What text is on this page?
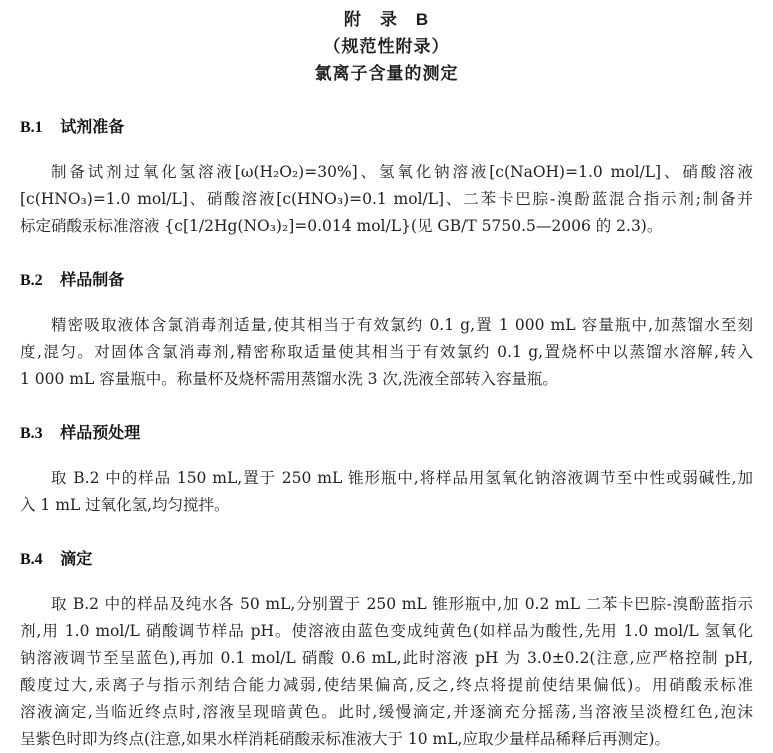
附　录　B
（规范性附录）
氯离子含量的测定
B.1 试剂准备
制备试剂过氧化氢溶液[ω(H₂O₂)=30%]、氢氧化钠溶液[c(NaOH)=1.0 mol/L]、硝酸溶液
[c(HNO₃)=1.0 mol/L]、硝酸溶液[c(HNO₃)=0.1 mol/L]、二苯卡巴腙-溴酚蓝混合指示剂;制备并
标定硝酸汞标准溶液 {c[1/2Hg(NO₃)₂]=0.014 mol/L}(见 GB/T 5750.5—2006 的 2.3)。
B.2 样品制备
精密吸取液体含氯消毒剂适量,使其相当于有效氯约 0.1 g,置 1 000 mL 容量瓶中,加蒸馏水至刻
度,混匀。对固体含氯消毒剂,精密称取适量使其相当于有效氯约 0.1 g,置烧杯中以蒸馏水溶解,转入
1 000 mL 容量瓶中。称量杯及烧杯需用蒸馏水洗 3 次,洗液全部转入容量瓶。
B.3 样品预处理
取 B.2 中的样品 150 mL,置于 250 mL 锥形瓶中,将样品用氢氧化钠溶液调节至中性或弱碱性,加
入 1 mL 过氧化氢,均匀搅拌。
B.4 滴定
取 B.2 中的样品及纯水各 50 mL,分别置于 250 mL 锥形瓶中,加 0.2 mL 二苯卡巴腙-溴酚蓝指示
剂,用 1.0 mol/L 硝酸调节样品 pH。使溶液由蓝色变成纯黄色(如样品为酸性,先用 1.0 mol/L 氢氧化
钠溶液调节至呈蓝色),再加 0.1 mol/L 硝酸 0.6 mL,此时溶液 pH 为 3.0±0.2(注意,应严格控制 pH,
酸度过大,汞离子与指示剂结合能力减弱,使结果偏高,反之,终点将提前使结果偏低)。用硝酸汞标准
溶液滴定,当临近终点时,溶液呈现暗黄色。此时,缓慢滴定,并逐滴充分摇荡,当溶液呈淡橙红色,泡沫
呈紫色时即为终点(注意,如果水样消耗硝酸汞标准液大于 10 mL,应取少量样品稀释后再测定)。
